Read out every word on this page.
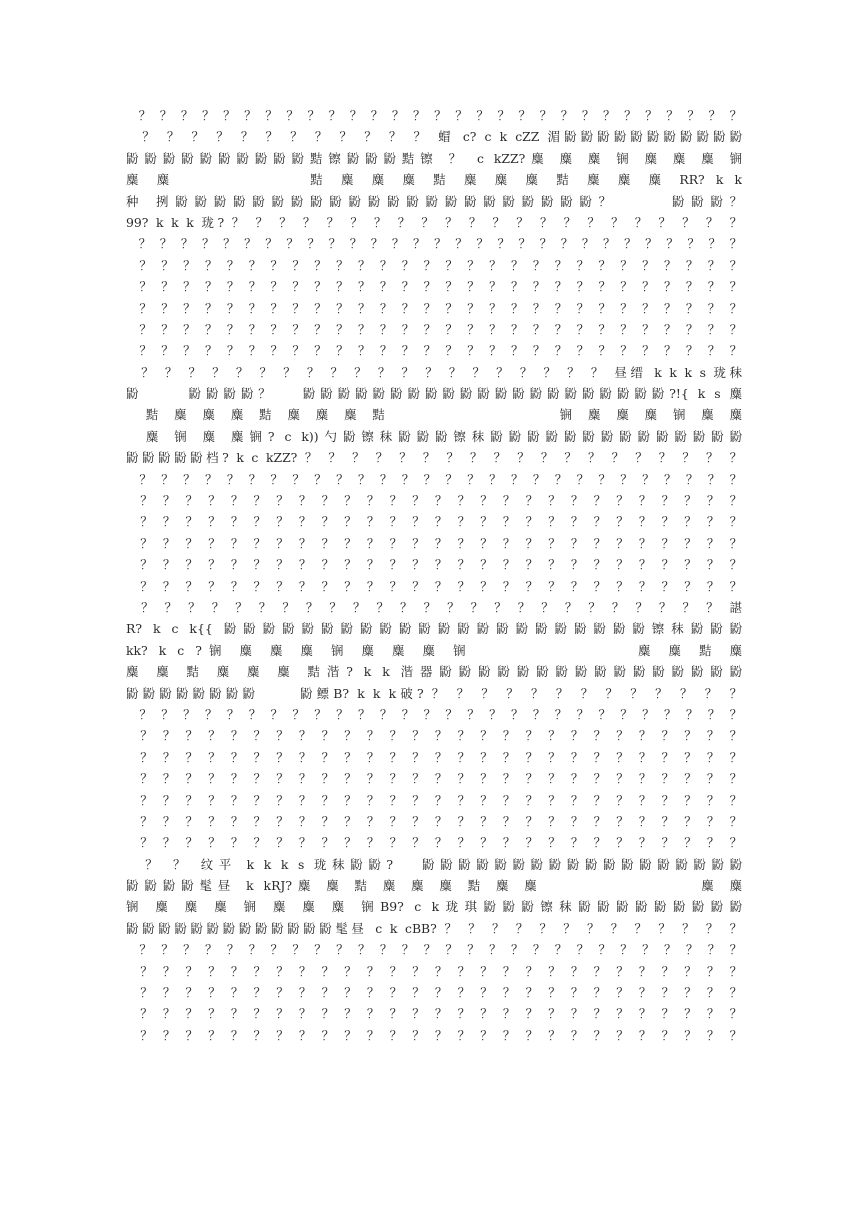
？ ？ ？ ？ ？ ？ ？ ？ ？ ？ ？ ？ ？ ？ ？ ？ ？ ？ ？ ？ ？ ？ ？ ？ ？ ？ ？ ？ ？
？ ？ ？ ？ ？ ？ ？ ？ ？ ？ ？ ？ 蝐 c? c k cZZ 湄鼢鼢鼢鼢鼢鼢鼢鼢鼢鼢鼢
鼢鼢鼢鼢鼢鼢鼢鼢鼢鼢黠镲鼢鼢鼢黠镲 ？ c kZZ?麋 麋 麋 锎 麋 麋 麋 锎
麋 麋            黠 麋 麋 麋 黠 麋 麋 麋 黠 麋 麋 麋 RR? k k
种 挒鼢鼢鼢鼢鼢鼢鼢鼢鼢鼢鼢鼢鼢鼢鼢鼢鼢鼢鼢鼢鼢鼢？     鼢鼢鼢？
99? k k k 珑? ？ ？ ？ ？ ？ ？ ？ ？ ？ ？ ？ ？ ？ ？ ？ ？ ？ ？ ？ ？ ？ ？
？ ？ ？ ？ ？ ？ ？ ？ ？ ？ ？ ？ ？ ？ ？ ？ ？ ？ ？ ？ ？ ？ ？ ？ ？ ？ ？ ？ ？
？ ？ ？ ？ ？ ？ ？ ？ ？ ？ ？ ？ ？ ？ ？ ？ ？ ？ ？ ？ ？ ？ ？ ？ ？ ？ ？ ？
？ ？ ？ ？ ？ ？ ？ ？ ？ ？ ？ ？ ？ ？ ？ ？ ？ ？ ？ ？ ？ ？ ？ ？ ？ ？ ？ ？
？ ？ ？ ？ ？ ？ ？ ？ ？ ？ ？ ？ ？ ？ ？ ？ ？ ？ ？ ？ ？ ？ ？ ？ ？ ？ ？ ？
？ ？ ？ ？ ？ ？ ？ ？ ？ ？ ？ ？ ？ ？ ？ ？ ？ ？ ？ ？ ？ ？ ？ ？ ？ ？ ？ ？
？ ？ ？ ？ ？ ？ ？ ？ ？ ？ ？ ？ ？ ？ ？ ？ ？ ？ ？ ？ ？ ？ ？ ？ ？ ？ ？ ？
？ ？ ？ ？ ？ ？ ？ ？ ？ ？ ？ ？ ？ ？ ？ ？ ？ ？ ？ ？ 昼缙 k k k s 珑秣
鼢     鼢鼢鼢鼢？   鼢鼢鼢鼢鼢鼢鼢鼢鼢鼢鼢鼢鼢鼢鼢鼢鼢鼢鼢鼢鼢?!{ k s 麋
黠 麋 麋 麋 黠 麋 麋 麋 黠                 锎 麋 麋 麋 锎 麋 麋
麋 锎 麋 麋锎? c k))勺鼢镲秣鼢鼢鼢镲秣鼢鼢鼢鼢鼢鼢鼢鼢鼢鼢鼢鼢鼢鼢
鼢鼢鼢鼢鼢档? k c kZZ? ？ ？ ？ ？ ？ ？ ？ ？ ？ ？ ？ ？ ？ ？ ？ ？ ？ ？ ？
？ ？ ？ ？ ？ ？ ？ ？ ？ ？ ？ ？ ？ ？ ？ ？ ？ ？ ？ ？ ？ ？ ？ ？ ？ ？ ？ ？
？ ？ ？ ？ ？ ？ ？ ？ ？ ？ ？ ？ ？ ？ ？ ？ ？ ？ ？ ？ ？ ？ ？ ？ ？ ？ ？
？ ？ ？ ？ ？ ？ ？ ？ ？ ？ ？ ？ ？ ？ ？ ？ ？ ？ ？ ？ ？ ？ ？ ？ ？ ？ ？
？ ？ ？ ？ ？ ？ ？ ？ ？ ？ ？ ？ ？ ？ ？ ？ ？ ？ ？ ？ ？ ？ ？ ？ ？ ？ ？
？ ？ ？ ？ ？ ？ ？ ？ ？ ？ ？ ？ ？ ？ ？ ？ ？ ？ ？ ？ ？ ？ ？ ？ ？ ？ ？
？ ？ ？ ？ ？ ？ ？ ？ ？ ？ ？ ？ ？ ？ ？ ？ ？ ？ ？ ？ ？ ？ ？ ？ ？ ？ ？
？ ？ ？ ？ ？ ？ ？ ？ ？ ？ ？ ？ ？ ？ ？ ？ ？ ？ ？ ？ ？ ？ ？ ？ ？ 諶
R? k c k{{ 鼢鼢鼢鼢鼢鼢鼢鼢鼢鼢鼢鼢鼢鼢鼢鼢鼢鼢鼢鼢鼢鼢镲秣鼢鼢鼢
kk? k c ?锎 麋 麋 麋 锎 麋 麋 麋 锎               麋 麋 黠 麋
麋 麋 黠 麋 麋 麋 黠湝? k k 湝器鼢鼢鼢鼢鼢鼢鼢鼢鼢鼢鼢鼢鼢鼢鼢鼢
鼢鼢鼢鼢鼢鼢鼢鼢     鼢鳔B? k k k破? ？ ？ ？ ？ ？ ？ ？ ？ ？ ？ ？ ？ ？
？ ？ ？ ？ ？ ？ ？ ？ ？ ？ ？ ？ ？ ？ ？ ？ ？ ？ ？ ？ ？ ？ ？ ？ ？ ？ ？ ？
？ ？ ？ ？ ？ ？ ？ ？ ？ ？ ？ ？ ？ ？ ？ ？ ？ ？ ？ ？ ？ ？ ？ ？ ？ ？ ？
？ ？ ？ ？ ？ ？ ？ ？ ？ ？ ？ ？ ？ ？ ？ ？ ？ ？ ？ ？ ？ ？ ？ ？ ？ ？ ？
？ ？ ？ ？ ？ ？ ？ ？ ？ ？ ？ ？ ？ ？ ？ ？ ？ ？ ？ ？ ？ ？ ？ ？ ？ ？ ？
？ ？ ？ ？ ？ ？ ？ ？ ？ ？ ？ ？ ？ ？ ？ ？ ？ ？ ？ ？ ？ ？ ？ ？ ？ ？ ？
？ ？ ？ ？ ？ ？ ？ ？ ？ ？ ？ ？ ？ ？ ？ ？ ？ ？ ？ ？ ？ ？ ？ ？ ？ ？ ？
？ ？ ？ ？ ？ ？ ？ ？ ？ ？ ？ ？ ？ ？ ？ ？ ？ ？ ？ ？ ？ ？ ？ ？ ？ ？ ？
？ ？ 纹平 k k k s 珑秣鼢鼢?   鼢鼢鼢鼢鼢鼢鼢鼢鼢鼢鼢鼢鼢鼢鼢鼢鼢鼢
鼢鼢鼢鼢髦昼 k kRJ?麋 麋 黠 麋 麋 麋 黠 麋 麋                麋 麋
锎 麋 麋 麋 锎 麋 麋 麋 锎B9? c k珑琪鼢鼢鼢镲秣鼢鼢鼢鼢鼢鼢鼢鼢鼢
鼢鼢鼢鼢鼢鼢鼢鼢鼢鼢鼢鼢鼢髦昼 c k cBB? ？ ？ ？ ？ ？ ？ ？ ？ ？ ？ ？ ？ ？
？ ？ ？ ？ ？ ？ ？ ？ ？ ？ ？ ？ ？ ？ ？ ？ ？ ？ ？ ？ ？ ？ ？ ？ ？ ？ ？ ？
？ ？ ？ ？ ？ ？ ？ ？ ？ ？ ？ ？ ？ ？ ？ ？ ？ ？ ？ ？ ？ ？ ？ ？ ？ ？ ？
？ ？ ？ ？ ？ ？ ？ ？ ？ ？ ？ ？ ？ ？ ？ ？ ？ ？ ？ ？ ？ ？ ？ ？ ？ ？ ？
？ ？ ？ ？ ？ ？ ？ ？ ？ ？ ？ ？ ？ ？ ？ ？ ？ ？ ？ ？ ？ ？ ？ ？ ？ ？ ？
？ ？ ？ ？ ？ ？ ？ ？ ？ ？ ？ ？ ？ ？ ？ ？ ？ ？ ？ ？ ？ ？ ？ ？ ？ ？ ？
